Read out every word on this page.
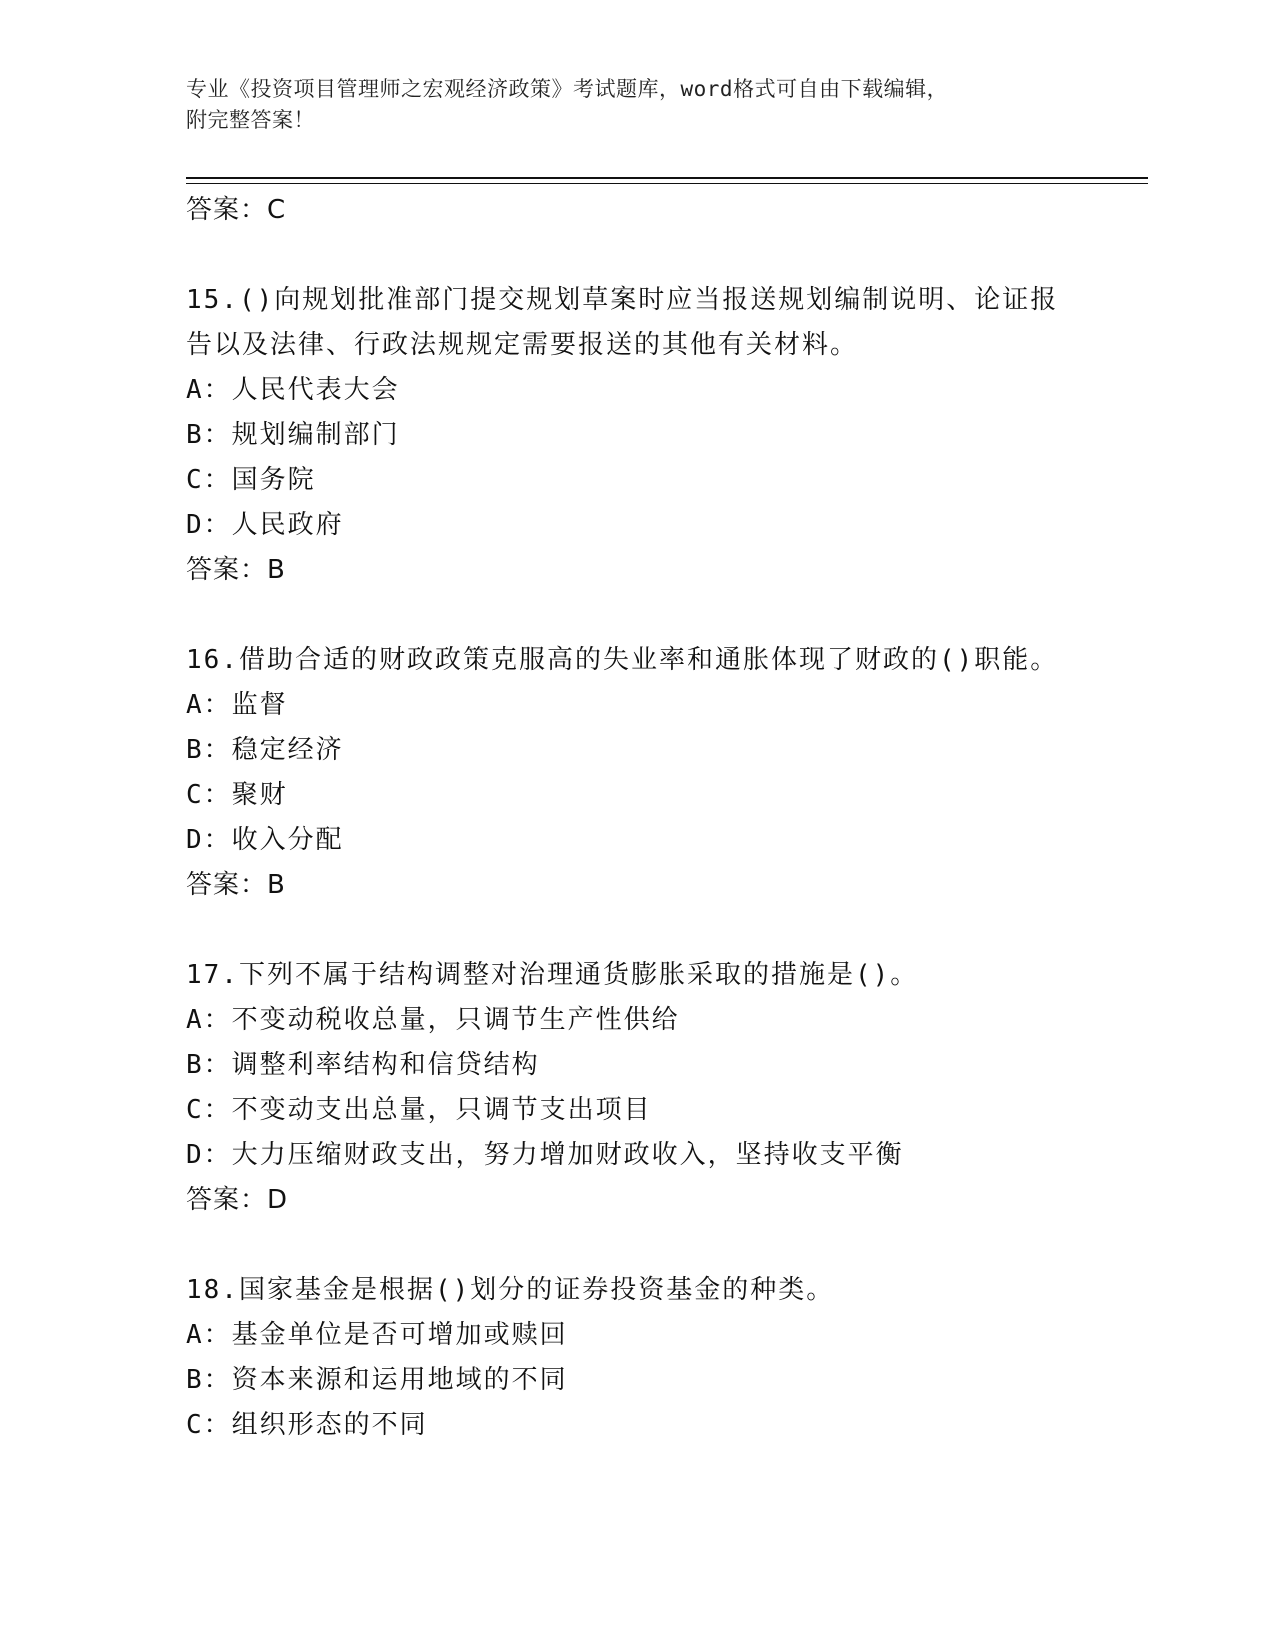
专业《投资项目管理师之宏观经济政策》考试题库，word格式可自由下载编辑，
附完整答案！
答案：C
15.()向规划批准部门提交规划草案时应当报送规划编制说明、论证报
告以及法律、行政法规规定需要报送的其他有关材料。
A：人民代表大会
B：规划编制部门
C：国务院
D：人民政府
答案：B
16.借助合适的财政政策克服高的失业率和通胀体现了财政的()职能。
A：监督
B：稳定经济
C：聚财
D：收入分配
答案：B
17.下列不属于结构调整对治理通货膨胀采取的措施是()。
A：不变动税收总量，只调节生产性供给
B：调整利率结构和信贷结构
C：不变动支出总量，只调节支出项目
D：大力压缩财政支出，努力增加财政收入，坚持收支平衡
答案：D
18.国家基金是根据()划分的证券投资基金的种类。
A：基金单位是否可增加或赎回
B：资本来源和运用地域的不同
C：组织形态的不同
